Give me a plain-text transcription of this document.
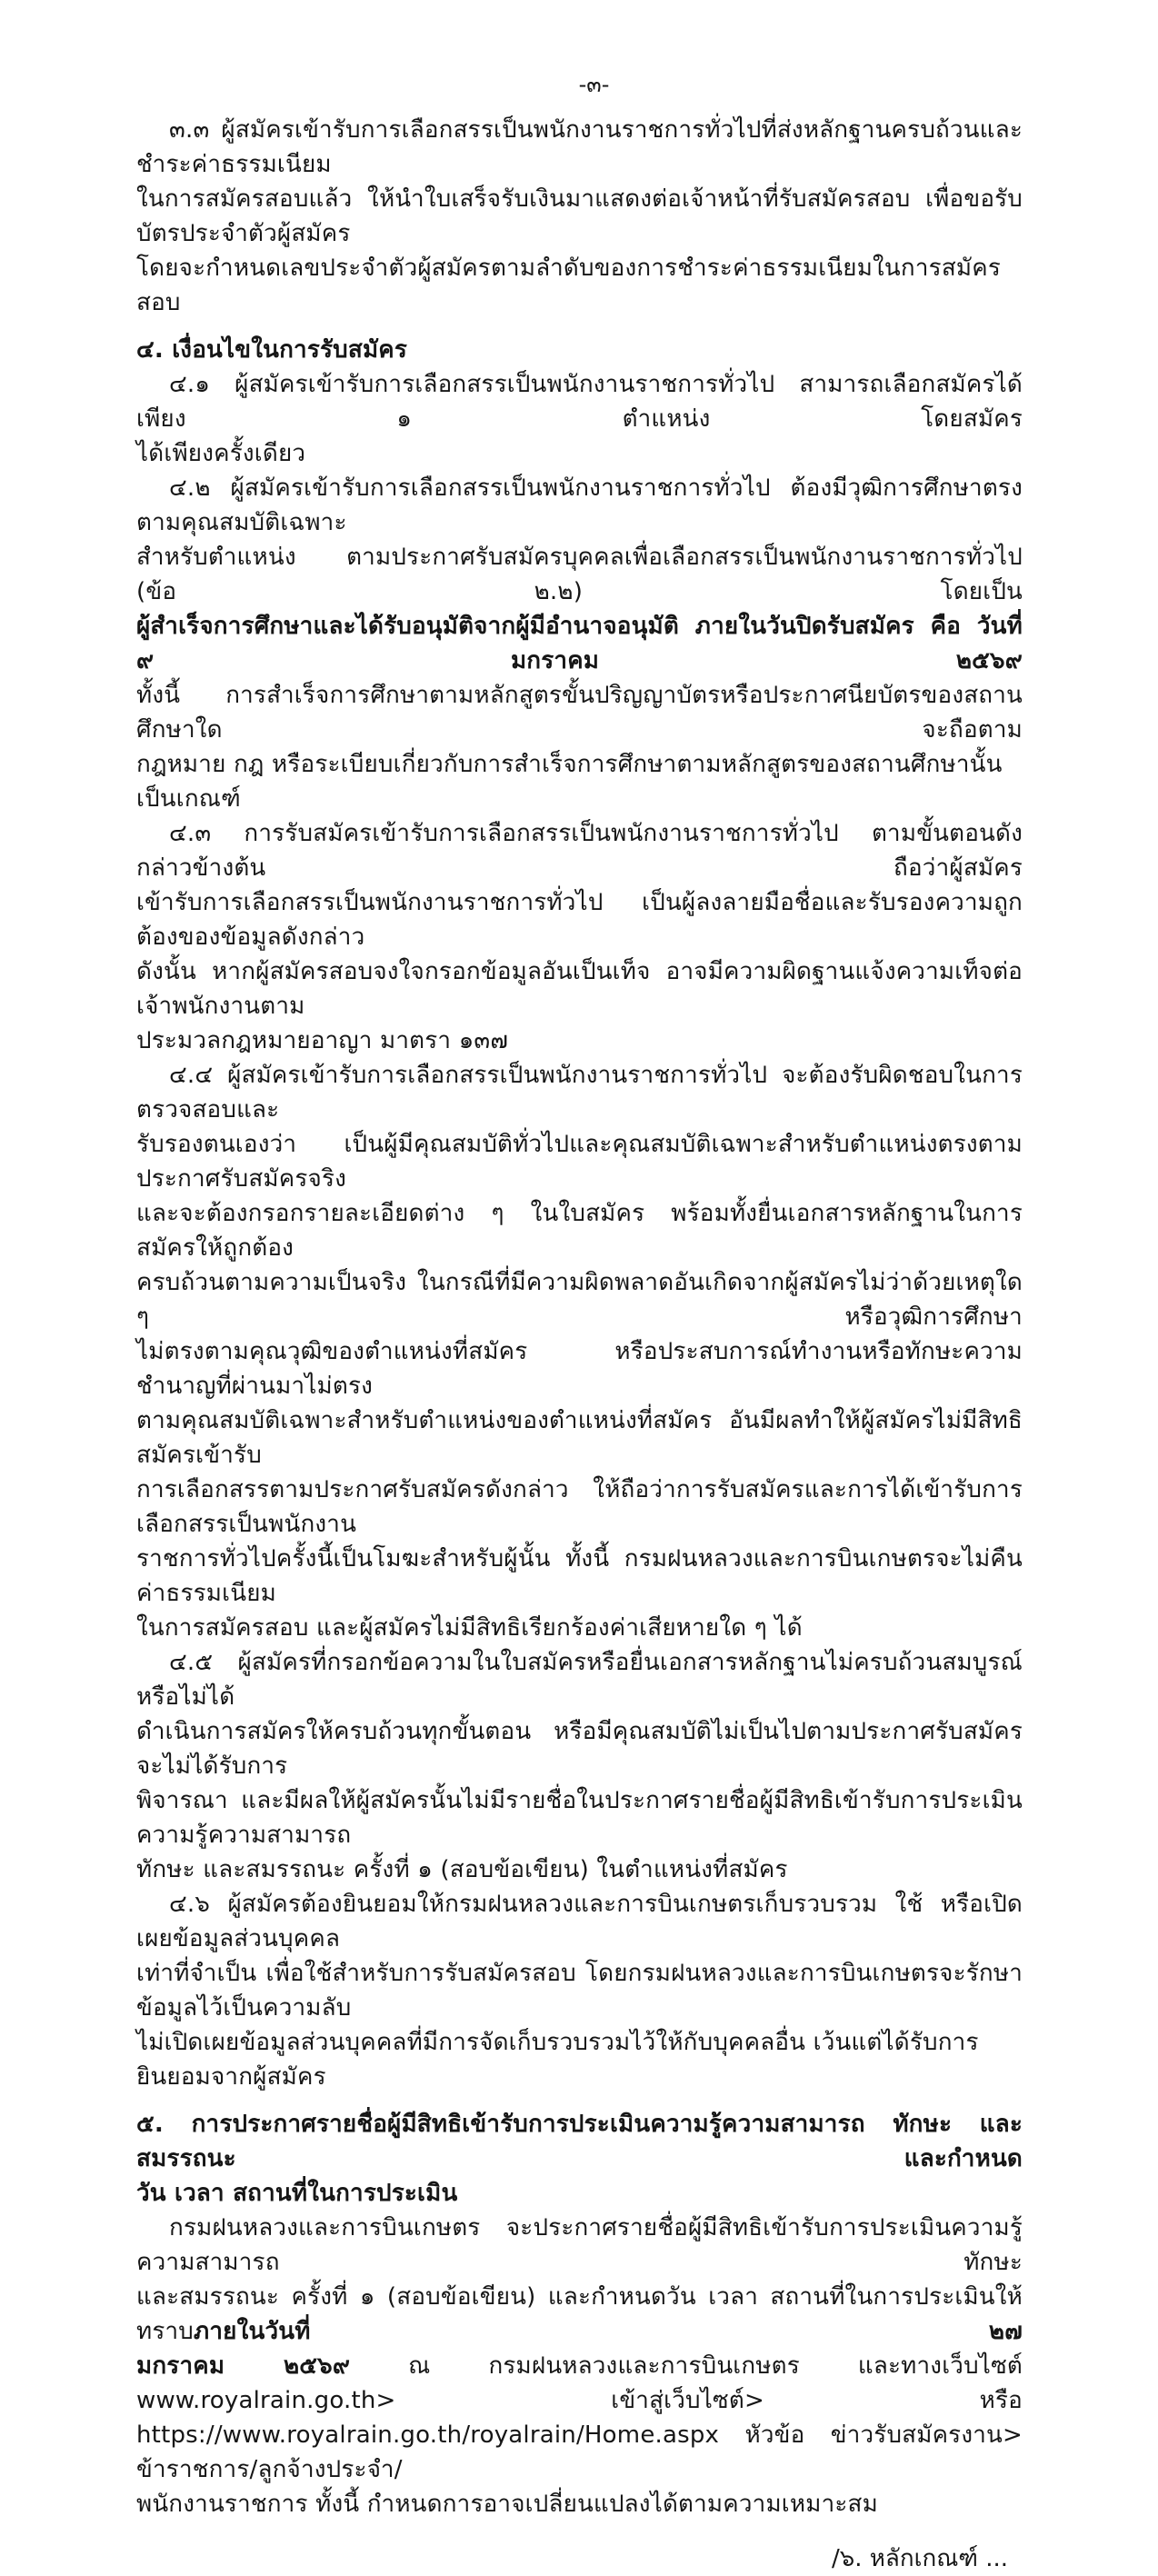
-๓-
๓.๓ ผู้สมัครเข้ารับการเลือกสรรเป็นพนักงานราชการทั่วไปที่ส่งหลักฐานครบถ้วนและชำระค่าธรรมเนียม
ในการสมัครสอบแล้ว ให้นำใบเสร็จรับเงินมาแสดงต่อเจ้าหน้าที่รับสมัครสอบ เพื่อขอรับบัตรประจำตัวผู้สมัคร
โดยจะกำหนดเลขประจำตัวผู้สมัครตามลำดับของการชำระค่าธรรมเนียมในการสมัครสอบ
๔. เงื่อนไขในการรับสมัคร
๔.๑ ผู้สมัครเข้ารับการเลือกสรรเป็นพนักงานราชการทั่วไป สามารถเลือกสมัครได้เพียง ๑ ตำแหน่ง โดยสมัคร
ได้เพียงครั้งเดียว
๔.๒ ผู้สมัครเข้ารับการเลือกสรรเป็นพนักงานราชการทั่วไป ต้องมีวุฒิการศึกษาตรงตามคุณสมบัติเฉพาะ
สำหรับตำแหน่ง ตามประกาศรับสมัครบุคคลเพื่อเลือกสรรเป็นพนักงานราชการทั่วไป (ข้อ ๒.๒) โดยเป็น
ผู้สำเร็จการศึกษาและได้รับอนุมัติจากผู้มีอำนาจอนุมัติ ภายในวันปิดรับสมัคร คือ วันที่ ๙ มกราคม ๒๕๖๙
ทั้งนี้ การสำเร็จการศึกษาตามหลักสูตรขั้นปริญญาบัตรหรือประกาศนียบัตรของสถานศึกษาใด จะถือตาม
กฎหมาย กฎ หรือระเบียบเกี่ยวกับการสำเร็จการศึกษาตามหลักสูตรของสถานศึกษานั้นเป็นเกณฑ์
๔.๓ การรับสมัครเข้ารับการเลือกสรรเป็นพนักงานราชการทั่วไป ตามขั้นตอนดังกล่าวข้างต้น ถือว่าผู้สมัคร
เข้ารับการเลือกสรรเป็นพนักงานราชการทั่วไป เป็นผู้ลงลายมือชื่อและรับรองความถูกต้องของข้อมูลดังกล่าว
ดังนั้น หากผู้สมัครสอบจงใจกรอกข้อมูลอันเป็นเท็จ อาจมีความผิดฐานแจ้งความเท็จต่อเจ้าพนักงานตาม
ประมวลกฎหมายอาญา มาตรา ๑๓๗
๔.๔ ผู้สมัครเข้ารับการเลือกสรรเป็นพนักงานราชการทั่วไป จะต้องรับผิดชอบในการตรวจสอบและ
รับรองตนเองว่า เป็นผู้มีคุณสมบัติทั่วไปและคุณสมบัติเฉพาะสำหรับตำแหน่งตรงตามประกาศรับสมัครจริง
และจะต้องกรอกรายละเอียดต่าง ๆ ในใบสมัคร พร้อมทั้งยื่นเอกสารหลักฐานในการสมัครให้ถูกต้อง
ครบถ้วนตามความเป็นจริง ในกรณีที่มีความผิดพลาดอันเกิดจากผู้สมัครไม่ว่าด้วยเหตุใด ๆ หรือวุฒิการศึกษา
ไม่ตรงตามคุณวุฒิของตำแหน่งที่สมัคร หรือประสบการณ์ทำงานหรือทักษะความชำนาญที่ผ่านมาไม่ตรง
ตามคุณสมบัติเฉพาะสำหรับตำแหน่งของตำแหน่งที่สมัคร อันมีผลทำให้ผู้สมัครไม่มีสิทธิสมัครเข้ารับ
การเลือกสรรตามประกาศรับสมัครดังกล่าว ให้ถือว่าการรับสมัครและการได้เข้ารับการเลือกสรรเป็นพนักงาน
ราชการทั่วไปครั้งนี้เป็นโมฆะสำหรับผู้นั้น ทั้งนี้ กรมฝนหลวงและการบินเกษตรจะไม่คืนค่าธรรมเนียม
ในการสมัครสอบ และผู้สมัครไม่มีสิทธิเรียกร้องค่าเสียหายใด ๆ ได้
๔.๕ ผู้สมัครที่กรอกข้อความในใบสมัครหรือยื่นเอกสารหลักฐานไม่ครบถ้วนสมบูรณ์ หรือไม่ได้
ดำเนินการสมัครให้ครบถ้วนทุกขั้นตอน หรือมีคุณสมบัติไม่เป็นไปตามประกาศรับสมัคร จะไม่ได้รับการ
พิจารณา และมีผลให้ผู้สมัครนั้นไม่มีรายชื่อในประกาศรายชื่อผู้มีสิทธิเข้ารับการประเมินความรู้ความสามารถ
ทักษะ และสมรรถนะ ครั้งที่ ๑ (สอบข้อเขียน) ในตำแหน่งที่สมัคร
๔.๖ ผู้สมัครต้องยินยอมให้กรมฝนหลวงและการบินเกษตรเก็บรวบรวม ใช้ หรือเปิดเผยข้อมูลส่วนบุคคล
เท่าที่จำเป็น เพื่อใช้สำหรับการรับสมัครสอบ โดยกรมฝนหลวงและการบินเกษตรจะรักษาข้อมูลไว้เป็นความลับ
ไม่เปิดเผยข้อมูลส่วนบุคคลที่มีการจัดเก็บรวบรวมไว้ให้กับบุคคลอื่น เว้นแต่ได้รับการยินยอมจากผู้สมัคร
๕. การประกาศรายชื่อผู้มีสิทธิเข้ารับการประเมินความรู้ความสามารถ ทักษะ และสมรรถนะ และกำหนด
วัน เวลา สถานที่ในการประเมิน
กรมฝนหลวงและการบินเกษตร จะประกาศรายชื่อผู้มีสิทธิเข้ารับการประเมินความรู้ความสามารถ ทักษะ
และสมรรถนะ ครั้งที่ ๑ (สอบข้อเขียน) และกำหนดวัน เวลา สถานที่ในการประเมินให้ทราบภายในวันที่ ๒๗
มกราคม ๒๕๖๙ ณ กรมฝนหลวงและการบินเกษตร และทางเว็บไซต์ www.royalrain.go.th> เข้าสู่เว็บไซต์> หรือ
https://www.royalrain.go.th/royalrain/Home.aspx หัวข้อ ข่าวรับสมัครงาน> ข้าราชการ/ลูกจ้างประจำ/
พนักงานราชการ ทั้งนี้ กำหนดการอาจเปลี่ยนแปลงได้ตามความเหมาะสม
/๖. หลักเกณฑ์ ...
